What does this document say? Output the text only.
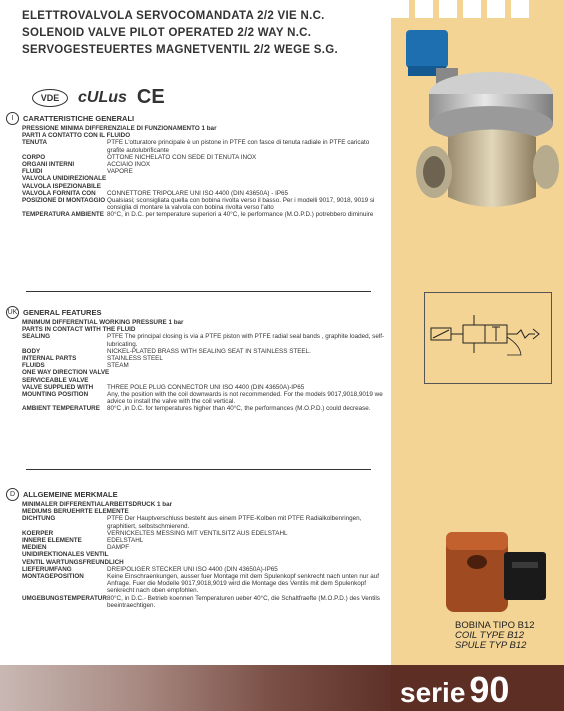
ELETTROVALVOLA SERVOCOMANDATA 2/2 VIE N.C.
SOLENOID VALVE PILOT OPERATED 2/2 WAY N.C.
SERVOGESTEUERTES MAGNETVENTIL 2/2 WEGE S.G.
VDE	cULus CE
BOBINA TIPO B12
COIL TYPE B12
SPULE TYP B12
I	CARATTERISTICHE GENERALI
PRESSIONE MINIMA DIFFERENZIALE DI FUNZIONAMENTO 1 bar
PARTI A CONTATTO CON IL FLUIDO
TENUTA	PTFE L'otturatore principale è un pistone in PTFE con fasce di tenuta radiale in PTFE caricato grafite autolubrificante
CORPO	OTTONE NICHELATO CON SEDE DI TENUTA INOX
ORGANI INTERNI	ACCIAIO INOX
FLUIDI	VAPORE
VALVOLA UNIDIREZIONALE
VALVOLA ISPEZIONABILE
VALVOLA FORNITA CON	CONNETTORE TRIPOLARE UNI ISO 4400 (DIN 43650A) - IP65
POSIZIONE DI MONTAGGIO Qualsiasi; sconsigliata quella con bobina rivolta verso il basso. Per i modelli 9017, 9018, 9019 si consiglia di montare la valvola con bobina rivolta verso l'alto
TEMPERATURA AMBIENTE 80°C, in D.C. per temperature superiori a 40°C, le performance (M.O.P.D.) potrebbero diminuire
UK GENERAL FEATURES
MINIMUM DIFFERENTIAL WORKING PRESSURE 1 bar
PARTS IN CONTACT WITH THE FLUID
SEALING	PTFE The principal closing is via a PTFE piston with PTFE radial seal bands , graphite loaded, self-lubricating.
BODY	NICKEL-PLATED BRASS WITH SEALING SEAT IN STAINLESS STEEL.
INTERNAL PARTS	STAINLESS STEEL
FLUIDS	STEAM
ONE WAY DIRECTION VALVE
SERVICEABLE VALVE
VALVE SUPPLIED WITH	THREE POLE PLUG CONNECTOR UNI ISO 4400 (DIN 43650A)-IP65
MOUNTING POSITION	Any, the position with the coil downwards is not recommended. For the models 9017,9018,9019 we advice to install the valve with the coil vertical.
AMBIENT TEMPERATURE	80°C ,in D.C. for temperatures higher than 40°C, the performances (M.O.P.D.) could decrease.
D	ALLGEMEINE MERKMALE
MINIMALER DIFFERENTIALARBEITSDRUCK 1 bar
MEDIUMS BERUEHRTE ELEMENTE
DICHTUNG	PTFE Der Hauptverschluss besteht aus einem PTFE-Kolben mit PTFE Radialkolbenringen, graphitiert, selbstschmierend.
KOERPER	VERNICKELTES MESSING MIT VENTILSITZ AUS EDELSTAHL
INNERE ELEMENTE	EDELSTAHL
MEDIEN	DAMPF
UNIDIREKTIONALES VENTIL
VENTIL WARTUNGSFREUNDLICH
LIEFERUMFANG	DREIPOLIGER STECKER UNI ISO 4400 (DIN 43650A)-IP65
MONTAGEPOSITION	Keine Einschraenkungen, ausser fuer Montage mit dem Spulenkopf senkrecht nach unten nur auf Anfrage. Fuer die Modelle 9017,9018,9019 wird die Montage des Ventils mit dem Spulenkopf senkrecht nach oben empfohlen.
UMGEBUNGSTEMPERATUR 80°C, in D.C.- Betrieb koennen Temperaturen ueber 40°C, die Schaltfraefte (M.O.P.D.) des Ventils beeintraechtigen.
serie 90
